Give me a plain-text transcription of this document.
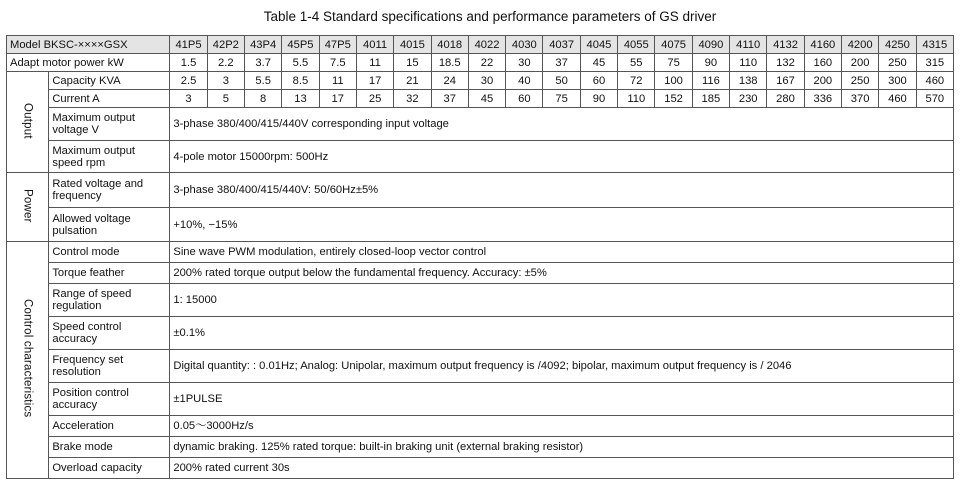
Table 1-4 Standard specifications and performance parameters of GS driver
Model BKSC-××××GSX		41P5	42P2	43P4	45P5	47P5	4011	4015	4018	4022	4030	4037	4045	4055	4075	4090	4110	4132	4160	4200	4250	4315
Adapt motor power kW		1.5	2.2	3.7	5.5	7.5	11	15	18.5	22	30	37	45	55	75	90	110	132	160	200	250	315
Output	Capacity KVA	2.5	3	5.5	8.5	11	17	21	24	30	40	50	60	72	100	116	138	167	200	250	300	460
	Current A	3	5	8	13	17	25	32	37	45	60	75	90	110	152	185	230	280	336	370	460	570

	Maximum output
voltage V	3-phase 380/400/415/440V corresponding input voltage																				

	Maximum output
speed rpm	4-pole motor 15000rpm: 500Hz																				
Power	Rated voltage and
frequency	3-phase 380/400/415/440V: 50/60Hz±5%																				

	Allowed voltage
pulsation	+10%, −15%																				
Control characteristics	Control mode	Sine wave PWM modulation, entirely closed-loop vector control																				

	Torque feather	200% rated torque output below the fundamental frequency. Accuracy: ±5%																				

	Range of speed
regulation	1: 15000																				

	Speed control
accuracy	±0.1%																				

	Frequency set
resolution	Digital quantity: : 0.01Hz; Analog: Unipolar, maximum output frequency is /4092; bipolar, maximum output frequency is / 2046																				

	Position control
accuracy	±1PULSE																				

	Acceleration	0.05～3000Hz/s																				

	Brake mode	dynamic braking. 125% rated torque: built-in braking unit (external braking resistor)																				

	Overload capacity	200% rated current 30s																				
